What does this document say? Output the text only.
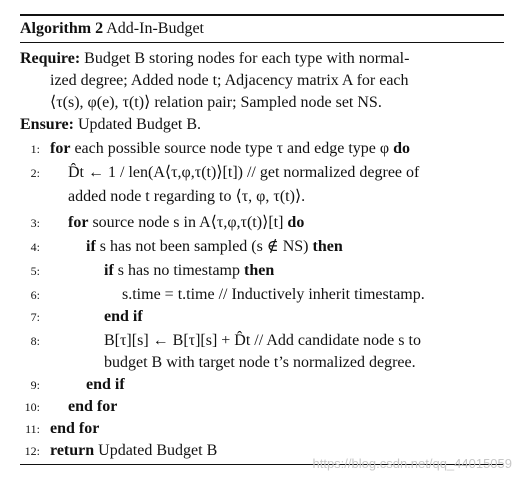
Algorithm 2 Add-In-Budget
Require: Budget B storing nodes for each type with normal-
ized degree; Added node t; Adjacency matrix A for each
⟨τ(s), φ(e), τ(t)⟩ relation pair; Sampled node set NS.
Ensure: Updated Budget B.
1: for each possible source node type τ and edge type φ do
2: D̂t ← 1 / len(A⟨τ,φ,τ(t)⟩[t]) // get normalized degree of
added node t regarding to ⟨τ, φ, τ(t)⟩.
3: for source node s in A⟨τ,φ,τ(t)⟩[t] do
4:	if s has not been sampled (s ∉ NS) then
5:	if s has no timestamp then
6:	s.time = t.time // Inductively inherit timestamp.
7:	end if
8:	B[τ][s] ← B[τ][s] + D̂t // Add candidate node s to
budget B with target node t’s normalized degree.
9:	end if
10: end for
11: end for
12: return Updated Budget B
https://blog.csdn.net/qq_44015059
